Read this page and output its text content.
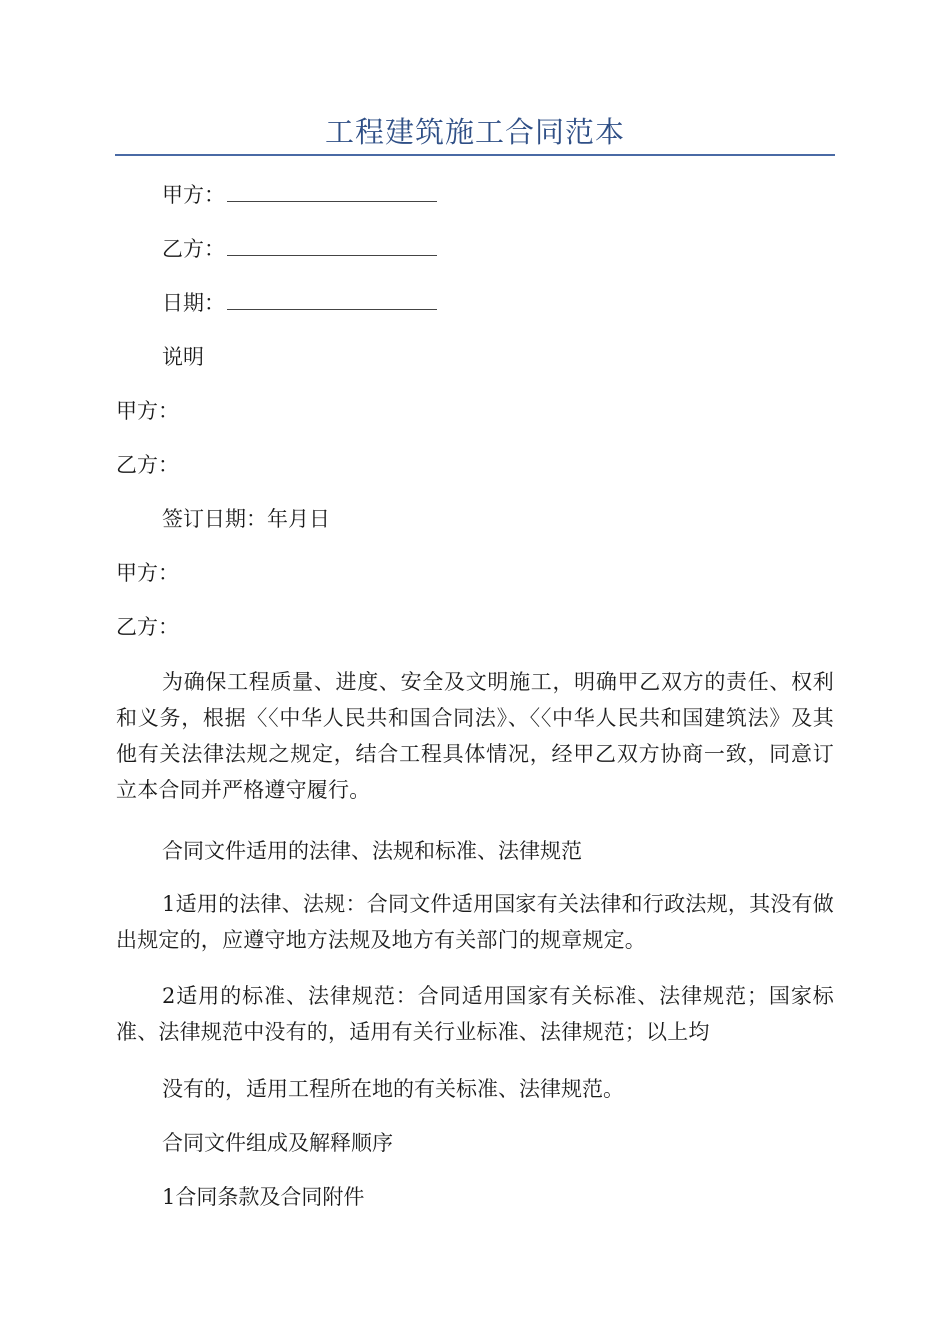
工程建筑施工合同范本
甲方：
乙方：
日期：
说明
甲方：
乙方：
签订日期：年月日
甲方：
乙方：
为确保工程质量、进度、安全及文明施工，明确甲乙双方的责任、权利和义务，根据〈〈中华人民共和国合同法》、〈〈中华人民共和国建筑法》及其他有关法律法规之规定，结合工程具体情况，经甲乙双方协商一致，同意订立本合同并严格遵守履行。
合同文件适用的法律、法规和标准、法律规范
1适用的法律、法规：合同文件适用国家有关法律和行政法规，其没有做出规定的，应遵守地方法规及地方有关部门的规章规定。
2适用的标准、法律规范：合同适用国家有关标准、法律规范；国家标准、法律规范中没有的，适用有关行业标准、法律规范；以上均
没有的，适用工程所在地的有关标准、法律规范。
合同文件组成及解释顺序
1合同条款及合同附件
